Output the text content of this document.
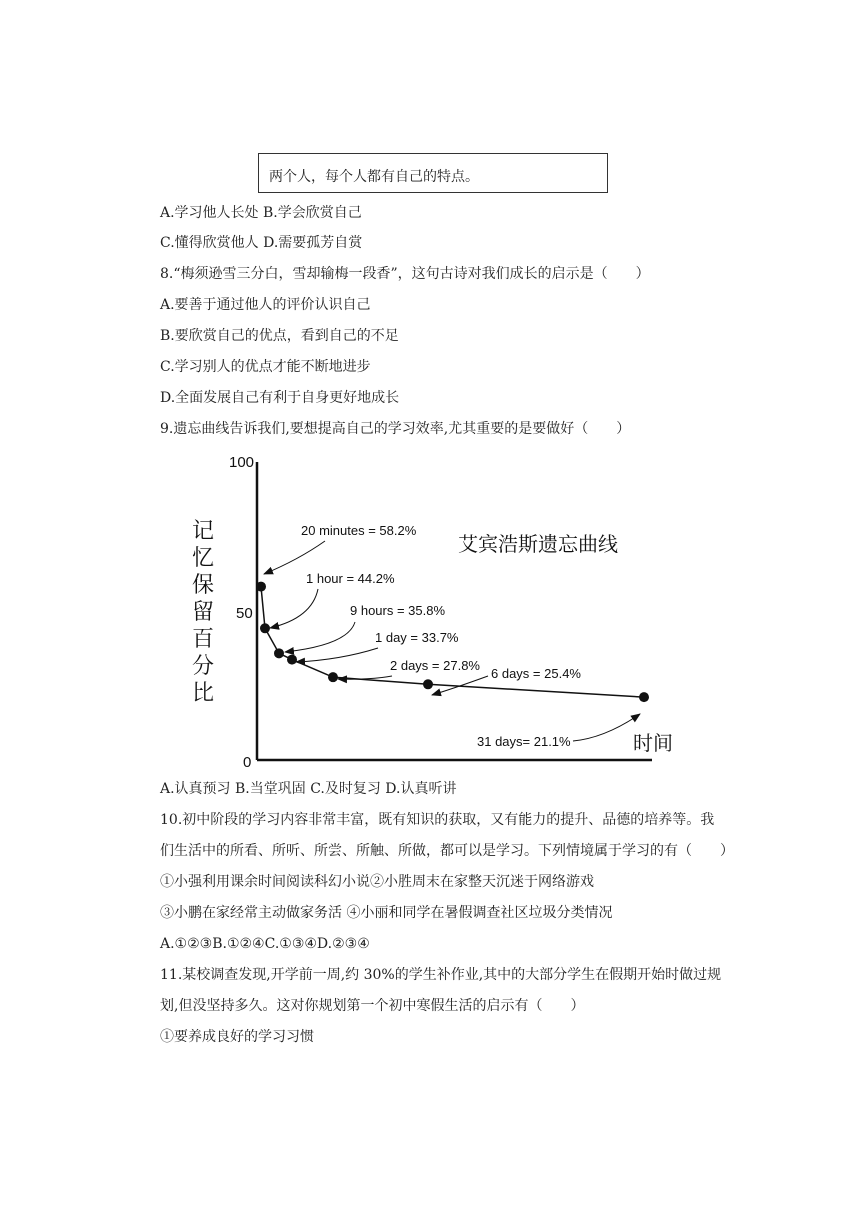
两个人，每个人都有自己的特点。
A.学习他人长处 B.学会欣赏自己
C.懂得欣赏他人 D.需要孤芳自赏
8.“梅须逊雪三分白，雪却输梅一段香”，这句古诗对我们成长的启示是（　　）
A.要善于通过他人的评价认识自己
B.要欣赏自己的优点，看到自己的不足
C.学习别人的优点才能不断地进步
D.全面发展自己有利于自身更好地成长
9.遗忘曲线告诉我们,要想提高自己的学习效率,尤其重要的是要做好（　　）
100
50
0
记忆保留百分比
艾宾浩斯遗忘曲线
时间
20 minutes = 58.2%
1 hour = 44.2%
9 hours = 35.8%
1 day = 33.7%
2 days = 27.8%
6 days = 25.4%
31 days= 21.1%
A.认真预习 B.当堂巩固 C.及时复习 D.认真听讲
10.初中阶段的学习内容非常丰富，既有知识的获取，又有能力的提升、品德的培养等。我
们生活中的所看、所听、所尝、所触、所做，都可以是学习。下列情境属于学习的有（　　）
①小强利用课余时间阅读科幻小说②小胜周末在家整天沉迷于网络游戏
③小鹏在家经常主动做家务活 ④小丽和同学在暑假调查社区垃圾分类情况
A.①②③B.①②④C.①③④D.②③④
11.某校调查发现,开学前一周,约 30%的学生补作业,其中的大部分学生在假期开始时做过规
划,但没坚持多久。这对你规划第一个初中寒假生活的启示有（　　）
①要养成良好的学习习惯
